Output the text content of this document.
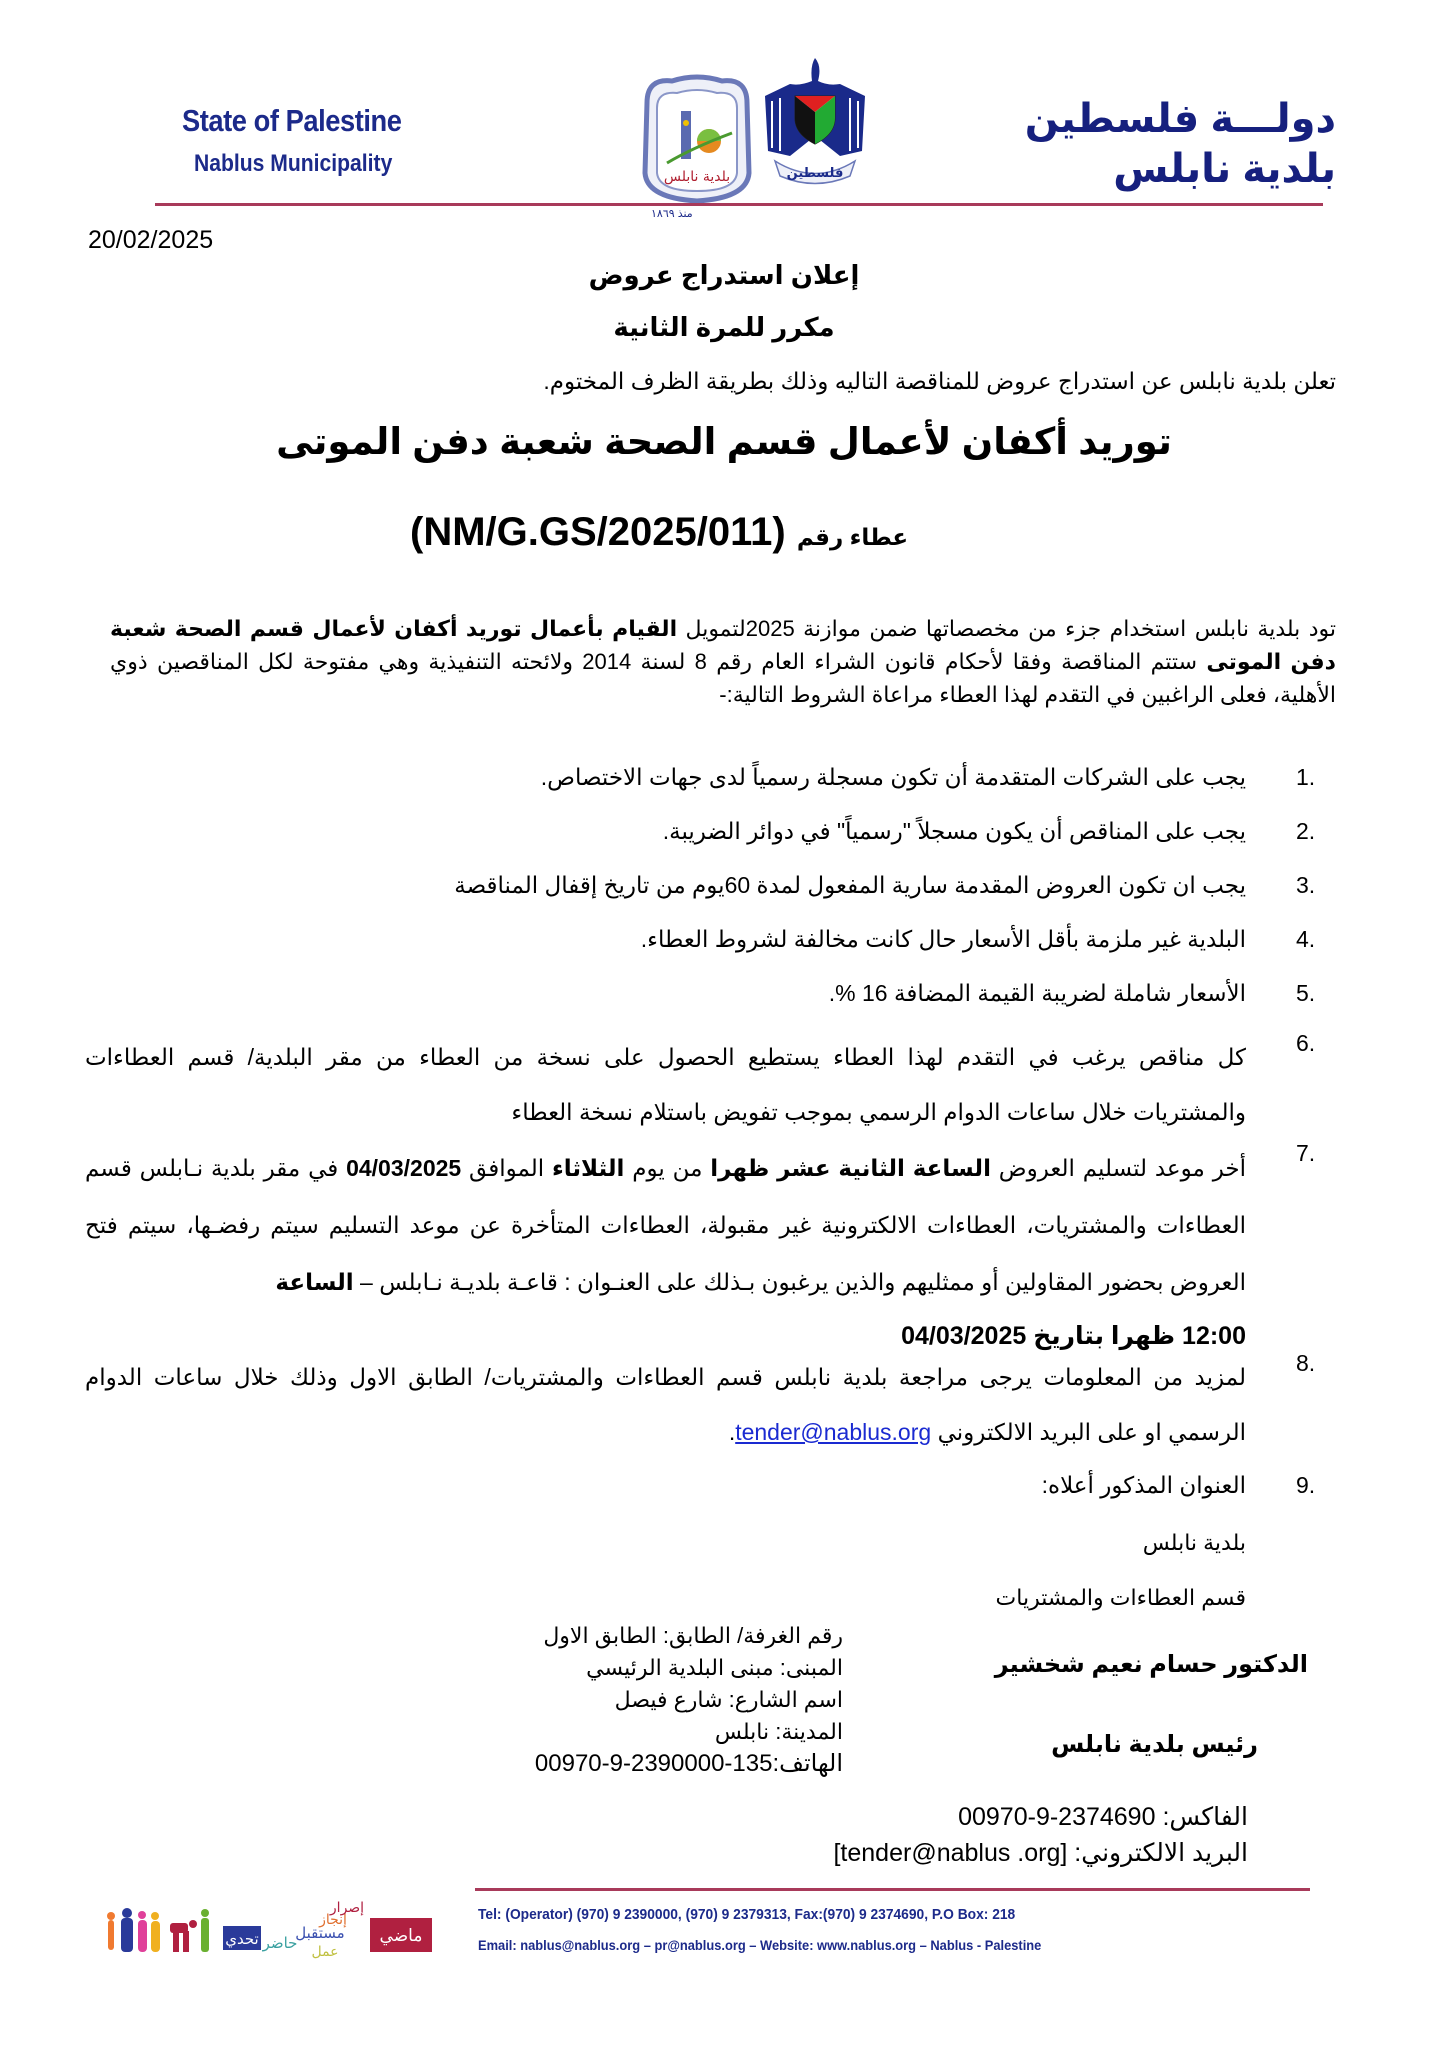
State of Palestine
Nablus Municipality	بلدية نابلس	فلسطين
دولـــة فلسطين
بلدية نابلس
منذ ١٨٦٩
20/02/2025
إعلان استدراج عروض
مكرر للمرة الثانية
تعلن بلدية نابلس عن استدراج عروض للمناقصة التاليه وذلك بطريقة الظرف المختوم.
توريد أكفان لأعمال قسم الصحة شعبة دفن الموتى
(NM/G.GS/2025/011) عطاء رقم
تود بلدية نابلس استخدام جزء من مخصصاتها ضمن موازنة 2025لتمويل القيام بأعمال توريد أكفان لأعمال قسم الصحة شعبة دفن الموتى ستتم المناقصة وفقا لأحكام قانون الشراء العام رقم 8 لسنة 2014 ولائحته التنفيذية وهي مفتوحة لكل المناقصين ذوي الأهلية، فعلى الراغبين في التقدم لهذا العطاء مراعاة الشروط التالية:-
1.
يجب على الشركات المتقدمة أن تكون مسجلة رسمياً لدى جهات الاختصاص.
2.
يجب على المناقص أن يكون مسجلاً "رسمياً" في دوائر الضريبة.
3.
يجب ان تكون العروض المقدمة سارية المفعول لمدة 60يوم من تاريخ إقفال المناقصة
4.
البلدية غير ملزمة بأقل الأسعار حال كانت مخالفة لشروط العطاء.
5.
الأسعار شاملة لضريبة القيمة المضافة 16 %.
6.
كل مناقص يرغب في التقدم لهذا العطاء يستطيع الحصول على نسخة من العطاء من مقر البلدية/ قسم العطاءات والمشتريات خلال ساعات الدوام الرسمي بموجب تفويض باستلام نسخة العطاء
7.
أخر موعد لتسليم العروض الساعة الثانية عشر ظهرا من يوم الثلاثاء الموافق 04/03/2025 في مقر بلدية نـابلس قسم العطاءات والمشتريات، العطاءات الالكترونية غير مقبولة، العطاءات المتأخرة عن موعد التسليم سيتم رفضـها، سيتم فتح العروض بحضور المقاولين أو ممثليهم والذين يرغبون بـذلك على العنـوان : قاعـة بلديـة نـابلس – الساعة
12:00 ظهرا بتاريخ 04/03/2025
8.
لمزيد من المعلومات يرجى مراجعة بلدية نابلس قسم العطاءات والمشتريات/ الطابق الاول وذلك خلال ساعات الدوام الرسمي او على البريد الالكتروني tender@nablus.org.
9.
العنوان المذكور أعلاه:
بلدية نابلس
قسم العطاءات والمشتريات
رقم الغرفة/ الطابق: الطابق الاول
المبنى: مبنى البلدية الرئيسي
اسم الشارع: شارع فيصل
المدينة: نابلس
الهاتف:00970-9-2390000-135
الدكتور حسام نعيم شخشير
رئيس بلدية نابلس
الفاكس: 00970-9-2374690
البريد الالكتروني: [tender@nablus .org]
تحدي حاضر
مستقبل
إنجاز
إصرار
عمل
ماضي
Tel: (Operator) (970) 9 2390000, (970) 9 2379313, Fax:(970) 9 2374690, P.O Box: 218
Email: nablus@nablus.org – pr@nablus.org – Website: www.nablus.org – Nablus - Palestine
